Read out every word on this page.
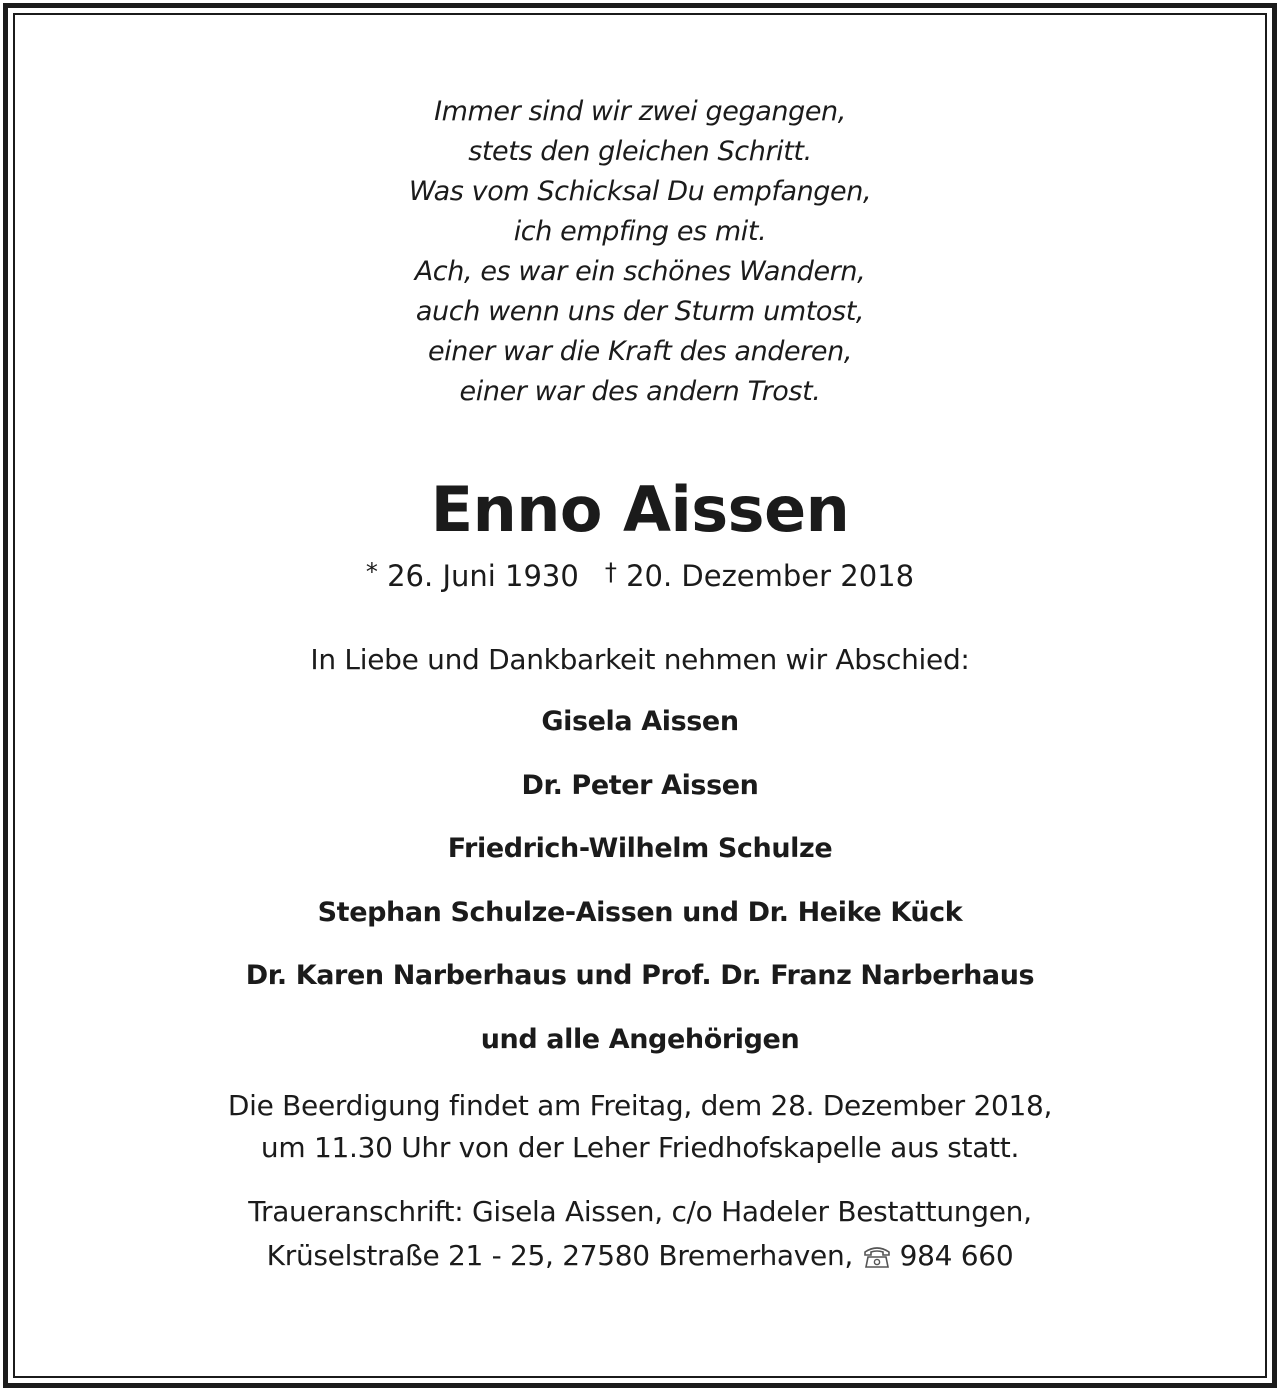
Immer sind wir zwei gegangen,
stets den gleichen Schritt.
Was vom Schicksal Du empfangen,
ich empfing es mit.
Ach, es war ein schönes Wandern,
auch wenn uns der Sturm umtost,
einer war die Kraft des anderen,
einer war des andern Trost.
Enno Aissen
* 26. Juni 1930 † 20. Dezember 2018
In Liebe und Dankbarkeit nehmen wir Abschied:
Gisela Aissen
Dr. Peter Aissen
Friedrich-Wilhelm Schulze
Stephan Schulze-Aissen und Dr. Heike Kück
Dr. Karen Narberhaus und Prof. Dr. Franz Narberhaus
und alle Angehörigen
Die Beerdigung findet am Freitag, dem 28. Dezember 2018,
um 11.30 Uhr von der Leher Friedhofskapelle aus statt.
Traueranschrift: Gisela Aissen, c/o Hadeler Bestattungen,
Krüselstraße 21 - 25, 27580 Bremerhaven, 984 660
